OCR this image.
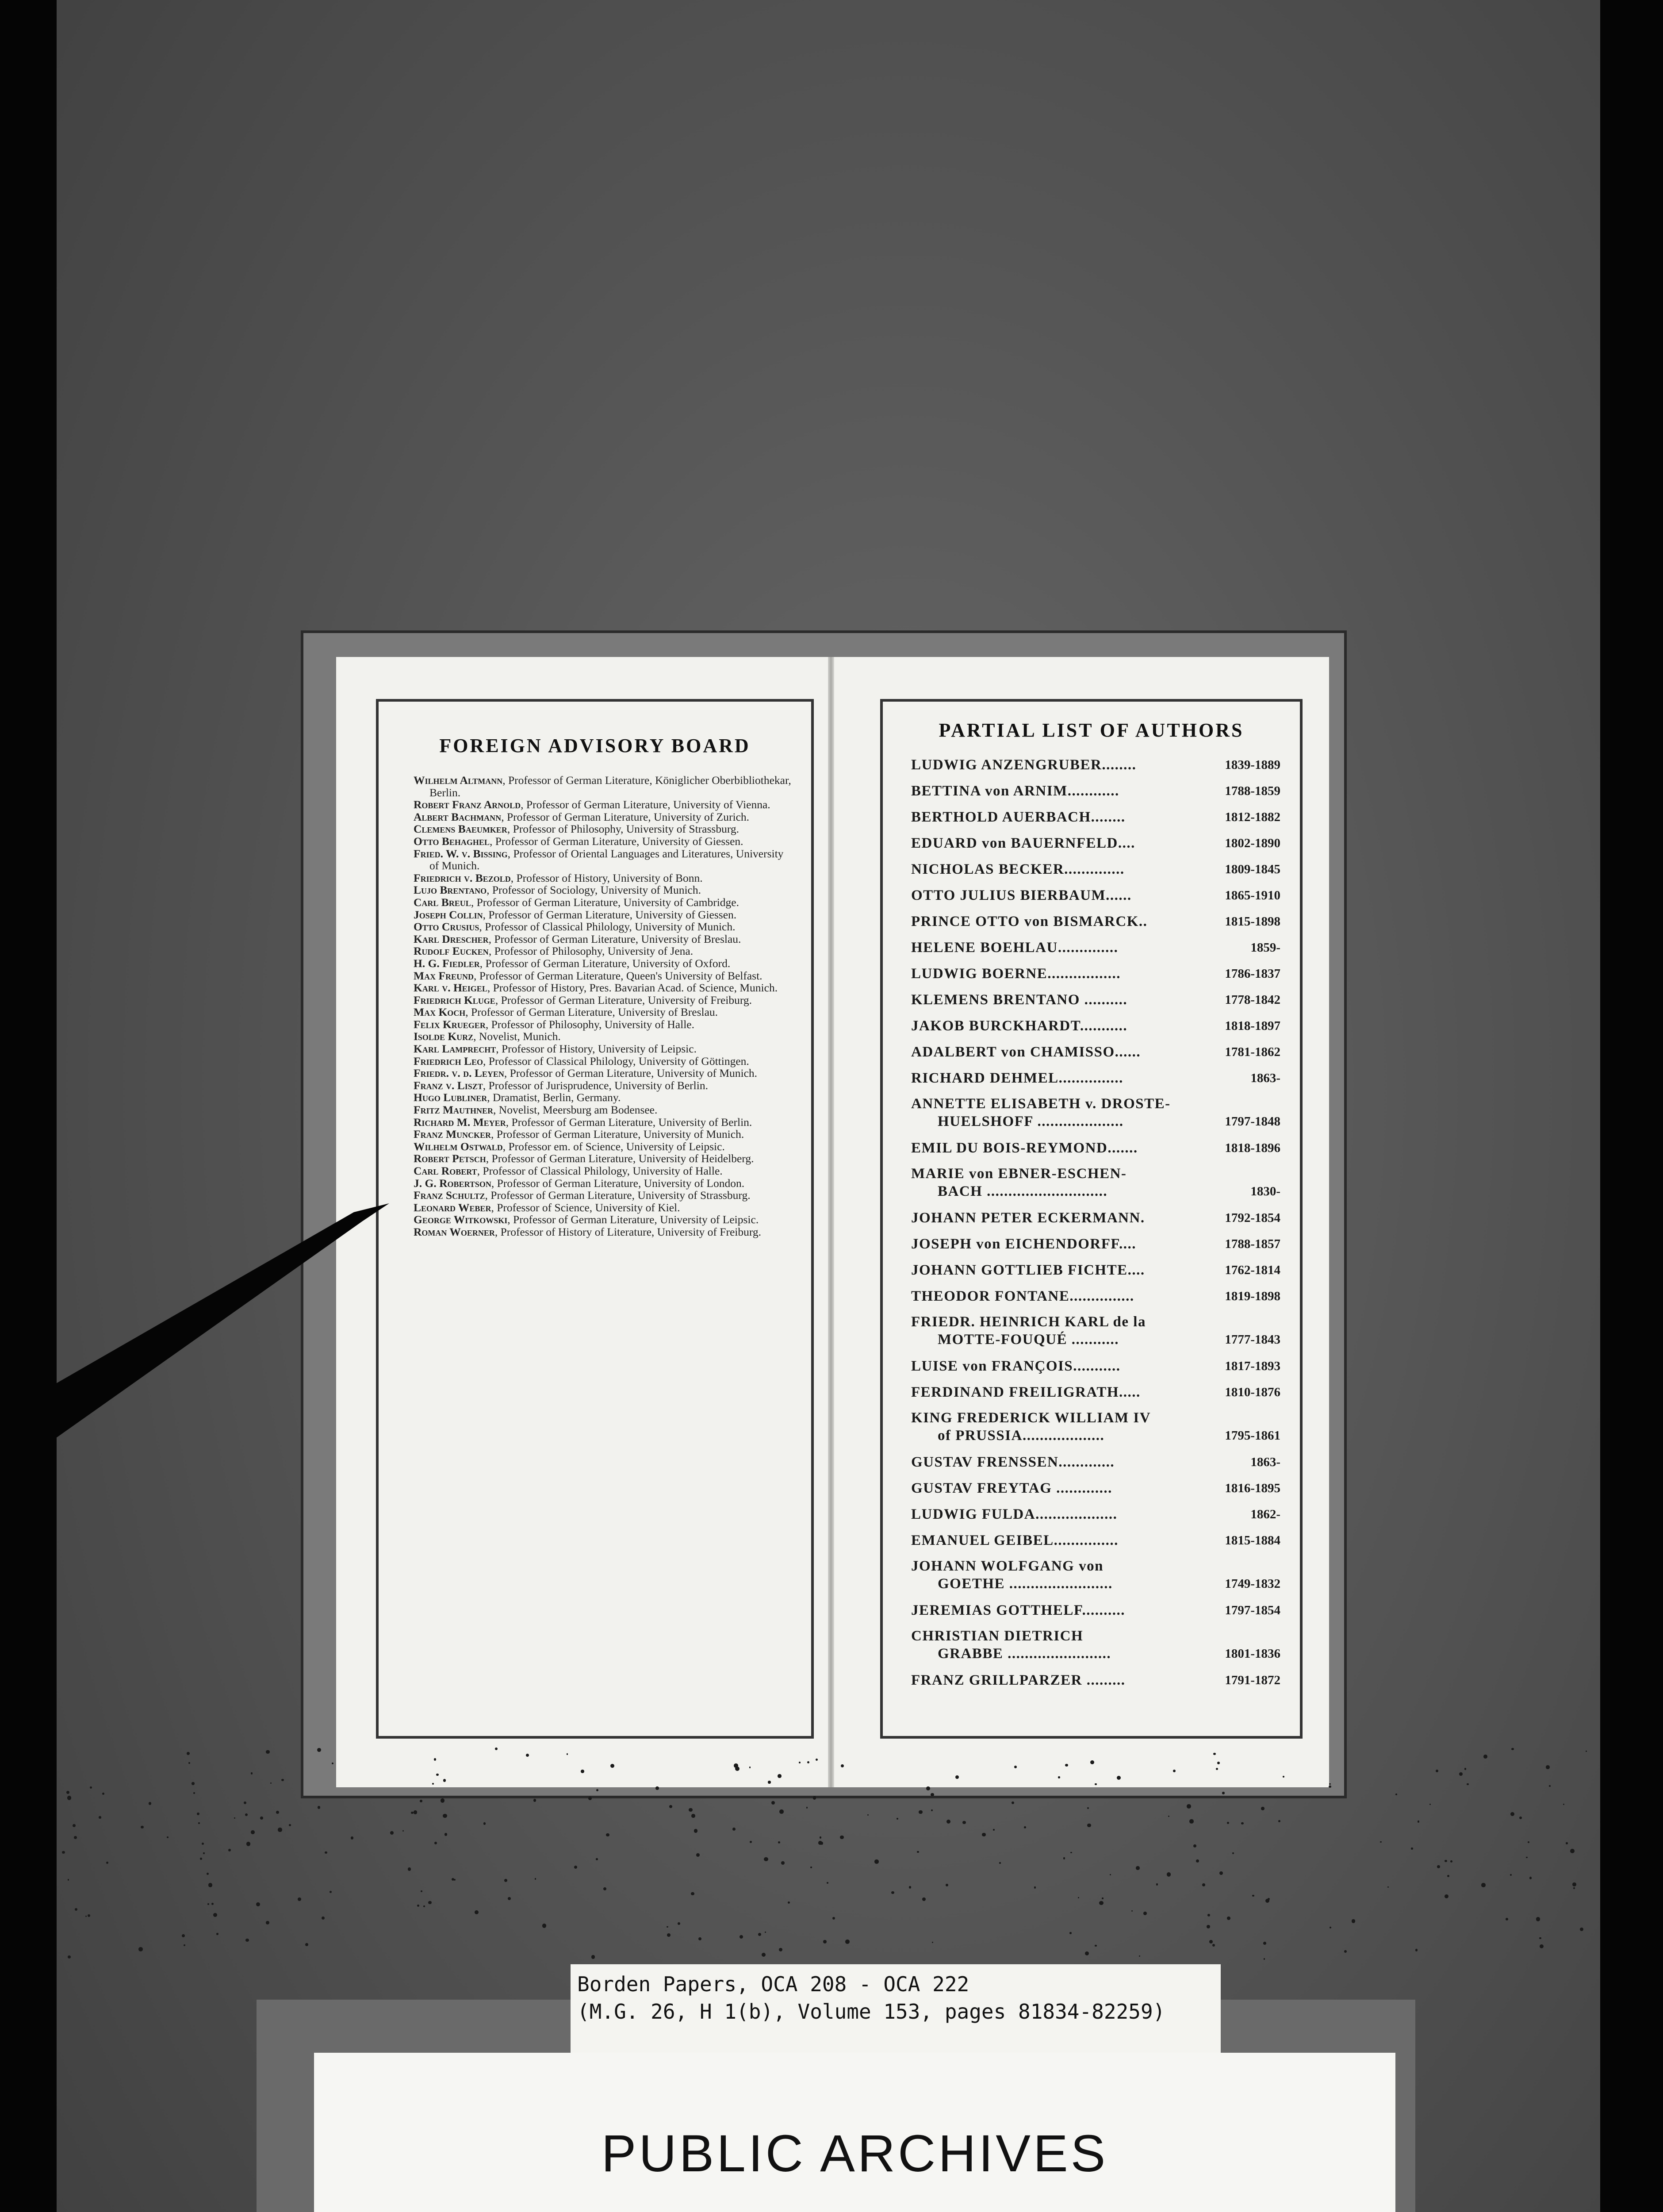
FOREIGN ADVISORY BOARD

Wilhelm Altmann, Professor of German Literature, Königlicher Oberbibliothekar, Berlin.

Robert Franz Arnold, Professor of German Literature, University of Vienna.

Albert Bachmann, Professor of German Literature, University of Zurich.

Clemens Baeumker, Professor of Philosophy, University of Strassburg.

Otto Behaghel, Professor of German Literature, University of Giessen.

Fried. W. v. Bissing, Professor of Oriental Languages and Literatures, University of Munich.

Friedrich v. Bezold, Professor of History, University of Bonn.

Lujo Brentano, Professor of Sociology, University of Munich.

Carl Breul, Professor of German Literature, University of Cambridge.

Joseph Collin, Professor of German Literature, University of Giessen.

Otto Crusius, Professor of Classical Philology, University of Munich.

Karl Drescher, Professor of German Literature, University of Breslau.

Rudolf Eucken, Professor of Philosophy, University of Jena.

H. G. Fiedler, Professor of German Literature, University of Oxford.

Max Freund, Professor of German Literature, Queen's University of Belfast.

Karl v. Heigel, Professor of History, Pres. Bavarian Acad. of Science, Munich.

Friedrich Kluge, Professor of German Literature, University of Freiburg.

Max Koch, Professor of German Literature, University of Breslau.

Felix Krueger, Professor of Philosophy, University of Halle.

Isolde Kurz, Novelist, Munich.

Karl Lamprecht, Professor of History, University of Leipsic.

Friedrich Leo, Professor of Classical Philology, University of Göttingen.

Friedr. v. d. Leyen, Professor of German Literature, University of Munich.

Franz v. Liszt, Professor of Jurisprudence, University of Berlin.

Hugo Lubliner, Dramatist, Berlin, Germany.

Fritz Mauthner, Novelist, Meersburg am Bodensee.

Richard M. Meyer, Professor of German Literature, University of Berlin.

Franz Muncker, Professor of German Literature, University of Munich.

Wilhelm Ostwald, Professor em. of Science, University of Leipsic.

Robert Petsch, Professor of German Literature, University of Heidelberg.

Carl Robert, Professor of Classical Philology, University of Halle.

J. G. Robertson, Professor of German Literature, University of London.

Franz Schultz, Professor of German Literature, University of Strassburg.

Leonard Weber, Professor of Science, University of Kiel.

George Witkowski, Professor of German Literature, University of Leipsic.

Roman Woerner, Professor of History of Literature, University of Freiburg.

PARTIAL LIST OF AUTHORS
LUDWIG ANZENGRUBER........	1839-1889
BETTINA von ARNIM............	1788-1859
BERTHOLD AUERBACH........	1812-1882
EDUARD von BAUERNFELD....	1802-1890
NICHOLAS BECKER..............	1809-1845
OTTO JULIUS BIERBAUM......	1865-1910
PRINCE OTTO von BISMARCK..	1815-1898
HELENE BOEHLAU..............	1859-
LUDWIG BOERNE.................	1786-1837
KLEMENS BRENTANO ..........	1778-1842
JAKOB BURCKHARDT...........	1818-1897
ADALBERT von CHAMISSO......	1781-1862
RICHARD DEHMEL...............	1863-
ANNETTE ELISABETH v. DROSTE-
HUELSHOFF ....................	1797-1848
EMIL DU BOIS-REYMOND.......	1818-1896
MARIE von EBNER-ESCHEN-
BACH ............................	1830-
JOHANN PETER ECKERMANN.	1792-1854
JOSEPH von EICHENDORFF....	1788-1857
JOHANN GOTTLIEB FICHTE....	1762-1814
THEODOR FONTANE...............	1819-1898
FRIEDR. HEINRICH KARL de la
MOTTE-FOUQUÉ ...........	1777-1843
LUISE von FRANÇOIS...........	1817-1893
FERDINAND FREILIGRATH.....	1810-1876
KING FREDERICK WILLIAM IV
of PRUSSIA...................	1795-1861
GUSTAV FRENSSEN.............	1863-
GUSTAV FREYTAG .............	1816-1895
LUDWIG FULDA...................	1862-
EMANUEL GEIBEL...............	1815-1884
JOHANN WOLFGANG von
GOETHE ........................	1749-1832
JEREMIAS GOTTHELF..........	1797-1854
CHRISTIAN DIETRICH
GRABBE ........................	1801-1836
FRANZ GRILLPARZER .........	1791-1872
Borden Papers, OCA 208 - OCA 222
(M.G. 26, H 1(b), Volume 153, pages 81834-82259)
PUBLIC ARCHIVES
